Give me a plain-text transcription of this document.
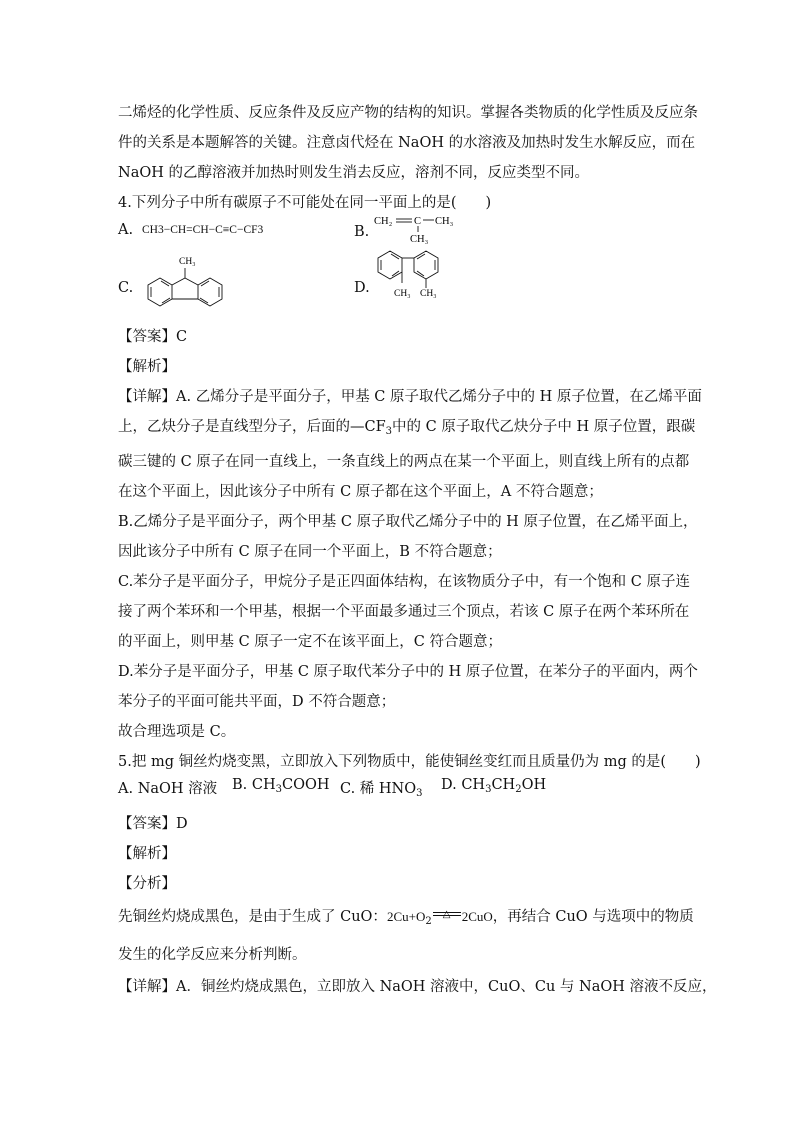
二烯烃的化学性质、反应条件及反应产物的结构的知识。掌握各类物质的化学性质及反应条
件的关系是本题解答的关键。注意卤代烃在 NaOH 的水溶液及加热时发生水解反应，而在
NaOH 的乙醇溶液并加热时则发生消去反应，溶剂不同，反应类型不同。
4.下列分子中所有碳原子不可能处在同一平面上的是(　　)
A. CH3−CH=CH−C≡C−CF3	B.
CH₂ C CH₃
CH₃
C.
CH₃
D.	CH₃ CH₃
【答案】C
【解析】
【详解】A. 乙烯分子是平面分子，甲基 C 原子取代乙烯分子中的 H 原子位置，在乙烯平面
上，乙炔分子是直线型分子，后面的$—CF_3$中的 C 原子取代乙炔分子中 H 原子位置，跟碳
碳三键的 C 原子在同一直线上，一条直线上的两点在某一个平面上，则直线上所有的点都
在这个平面上，因此该分子中所有 C 原子都在这个平面上，A 不符合题意；
B.乙烯分子是平面分子，两个甲基 C 原子取代乙烯分子中的 H 原子位置，在乙烯平面上，
因此该分子中所有 C 原子在同一个平面上，B 不符合题意；
C.苯分子是平面分子，甲烷分子是正四面体结构，在该物质分子中，有一个饱和 C 原子连
接了两个苯环和一个甲基，根据一个平面最多通过三个顶点，若该 C 原子在两个苯环所在
的平面上，则甲基 C 原子一定不在该平面上，C 符合题意；
D.苯分子是平面分子，甲基 C 原子取代苯分子中的 H 原子位置，在苯分子的平面内，两个
苯分子的平面可能共平面，D 不符合题意；
故合理选项是 C。
5.把 mg 铜丝灼烧变黑，立即放入下列物质中，能使铜丝变红而且质量仍为 mg 的是(　　)
A. NaOH 溶液 B. $CH_3COOH$ C. 稀 $HNO_3$
D. $CH_3CH_2OH$
【答案】D
【解析】
【分析】
先铜丝灼烧成黑色，是由于生成了 CuO：$2Cu+O_2$
△ 2CuO，再结合 CuO 与选项中的物质
发生的化学反应来分析判断。
【详解】A．铜丝灼烧成黑色，立即放入 NaOH 溶液中，CuO、Cu 与 NaOH 溶液不反应，
